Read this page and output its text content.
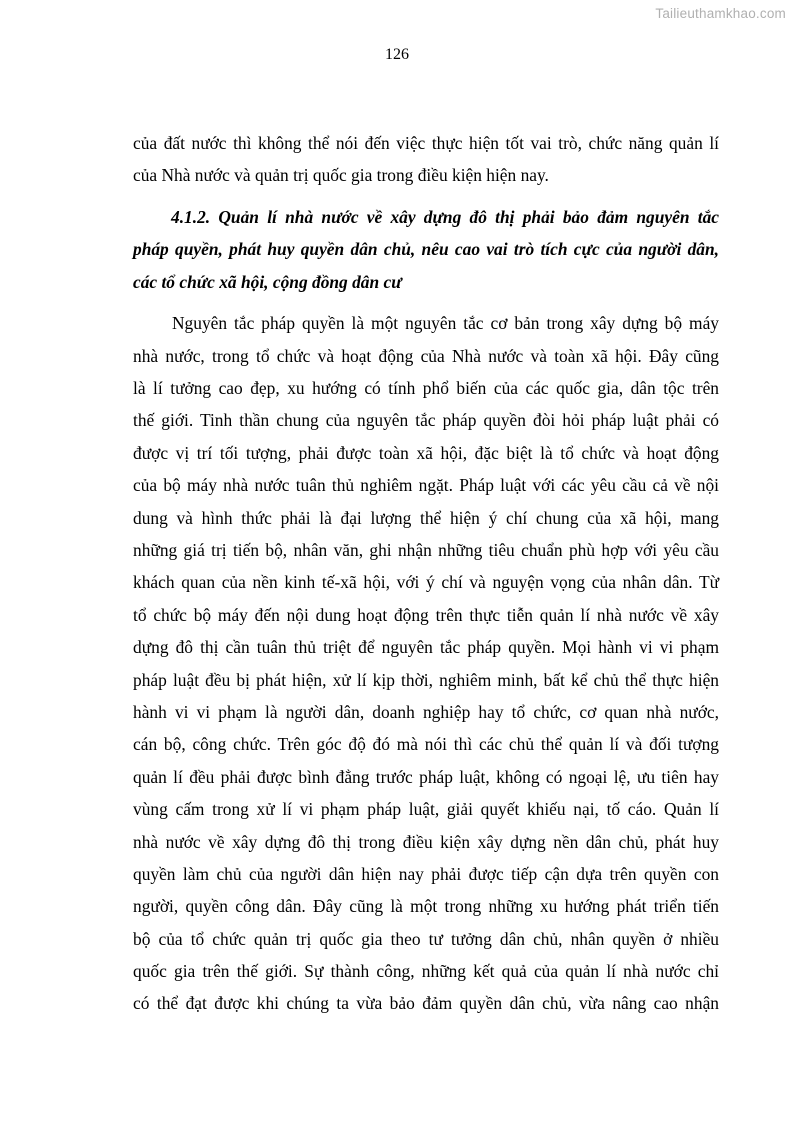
Tailieuthamkhao.com
126
của đất nước thì không thể nói đến việc thực hiện tốt vai trò, chức năng quản lí
của Nhà nước và quản trị quốc gia trong điều kiện hiện nay.
4.1.2. Quản lí nhà nước về xây dựng đô thị phải bảo đảm nguyên tắc
pháp quyền, phát huy quyền dân chủ, nêu cao vai trò tích cực của người dân,
các tổ chức xã hội, cộng đồng dân cư
Nguyên tắc pháp quyền là một nguyên tắc cơ bản trong xây dựng bộ máy
nhà nước, trong tổ chức và hoạt động của Nhà nước và toàn xã hội. Đây cũng
là lí tưởng cao đẹp, xu hướng có tính phổ biến của các quốc gia, dân tộc trên
thế giới. Tinh thần chung của nguyên tắc pháp quyền đòi hỏi pháp luật phải có
được vị trí tối tượng, phải được toàn xã hội, đặc biệt là tổ chức và hoạt động
của bộ máy nhà nước tuân thủ nghiêm ngặt. Pháp luật với các yêu cầu cả về nội
dung và hình thức phải là đại lượng thể hiện ý chí chung của xã hội, mang
những giá trị tiến bộ, nhân văn, ghi nhận những tiêu chuẩn phù hợp với yêu cầu
khách quan của nền kinh tế-xã hội, với ý chí và nguyện vọng của nhân dân. Từ
tổ chức bộ máy đến nội dung hoạt động trên thực tiễn quản lí nhà nước về xây
dựng đô thị cần tuân thủ triệt để nguyên tắc pháp quyền. Mọi hành vi vi phạm
pháp luật đều bị phát hiện, xử lí kịp thời, nghiêm minh, bất kể chủ thể thực hiện
hành vi vi phạm là người dân, doanh nghiệp hay tổ chức, cơ quan nhà nước,
cán bộ, công chức. Trên góc độ đó mà nói thì các chủ thể quản lí và đối tượng
quản lí đều phải được bình đẳng trước pháp luật, không có ngoại lệ, ưu tiên hay
vùng cấm trong xử lí vi phạm pháp luật, giải quyết khiếu nại, tố cáo. Quản lí
nhà nước về xây dựng đô thị trong điều kiện xây dựng nền dân chủ, phát huy
quyền làm chủ của người dân hiện nay phải được tiếp cận dựa trên quyền con
người, quyền công dân. Đây cũng là một trong những xu hướng phát triển tiến
bộ của tổ chức quản trị quốc gia theo tư tưởng dân chủ, nhân quyền ở nhiều
quốc gia trên thế giới. Sự thành công, những kết quả của quản lí nhà nước chỉ
có thể đạt được khi chúng ta vừa bảo đảm quyền dân chủ, vừa nâng cao nhận
